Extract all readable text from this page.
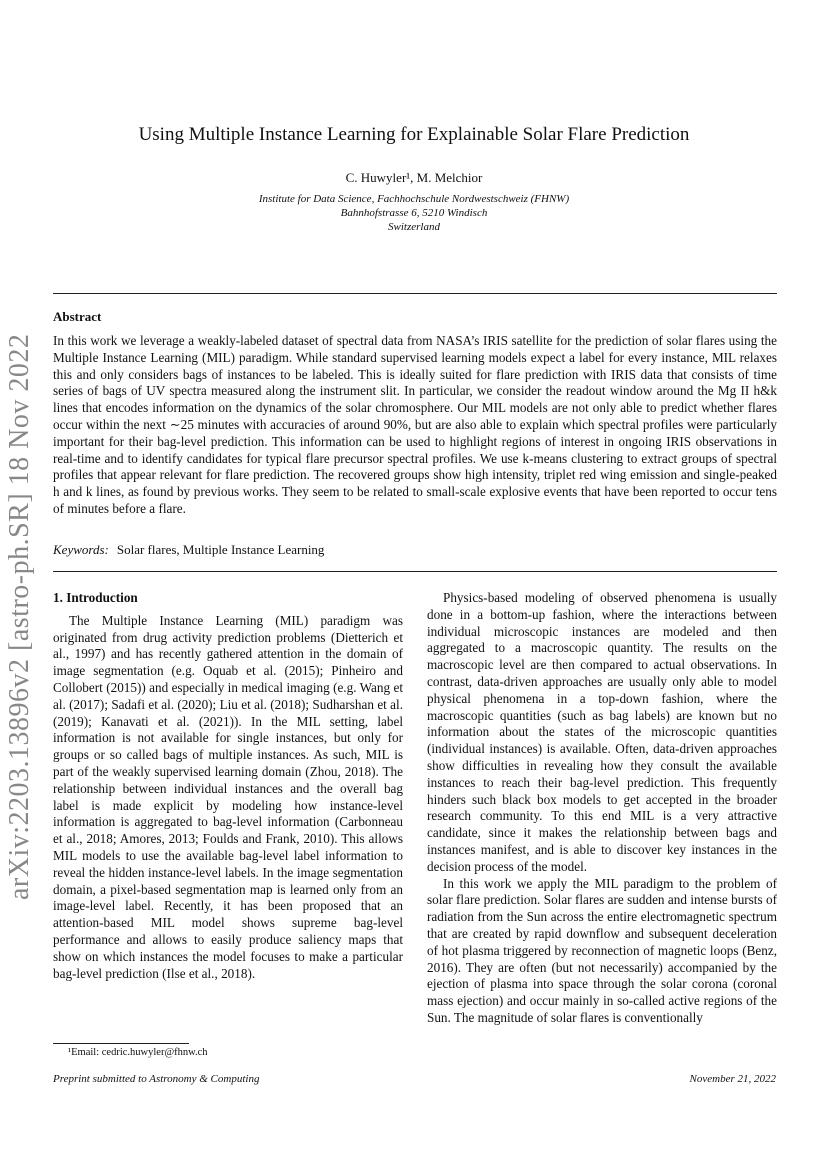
arXiv:2203.13896v2 [astro-ph.SR] 18 Nov 2022
Using Multiple Instance Learning for Explainable Solar Flare Prediction
C. Huwyler¹, M. Melchior
Institute for Data Science, Fachhochschule Nordwestschweiz (FHNW)
Bahnhofstrasse 6, 5210 Windisch
Switzerland
Abstract
In this work we leverage a weakly-labeled dataset of spectral data from NASA’s IRIS satellite for the prediction of solar flares using the Multiple Instance Learning (MIL) paradigm. While standard supervised learning models expect a label for every instance, MIL relaxes this and only considers bags of instances to be labeled. This is ideally suited for flare prediction with IRIS data that consists of time series of bags of UV spectra measured along the instrument slit. In particular, we consider the readout window around the Mg II h&k lines that encodes information on the dynamics of the solar chromosphere. Our MIL models are not only able to predict whether flares occur within the next ∼25 minutes with accuracies of around 90%, but are also able to explain which spectral profiles were particularly important for their bag-level prediction. This information can be used to highlight regions of interest in ongoing IRIS observations in real-time and to identify candidates for typical flare precursor spectral profiles. We use k-means clustering to extract groups of spectral profiles that appear relevant for flare prediction. The recovered groups show high intensity, triplet red wing emission and single-peaked h and k lines, as found by previous works. They seem to be related to small-scale explosive events that have been reported to occur tens of minutes before a flare.
Keywords: Solar flares, Multiple Instance Learning
1. Introduction

The Multiple Instance Learning (MIL) paradigm was originated from drug activity prediction problems (Dietterich et al., 1997) and has recently gathered attention in the domain of image segmentation (e.g. Oquab et al. (2015); Pinheiro and Collobert (2015)) and especially in medical imaging (e.g. Wang et al. (2017); Sadafi et al. (2020); Liu et al. (2018); Sudharshan et al. (2019); Kanavati et al. (2021)). In the MIL setting, label information is not available for single instances, but only for groups or so called bags of multiple instances. As such, MIL is part of the weakly supervised learning domain (Zhou, 2018). The relationship between individual instances and the overall bag label is made explicit by modeling how instance-level information is aggregated to bag-level information (Carbonneau et al., 2018; Amores, 2013; Foulds and Frank, 2010). This allows MIL models to use the available bag-level label information to reveal the hidden instance-level labels. In the image segmentation domain, a pixel-based segmentation map is learned only from an image-level label. Recently, it has been proposed that an attention-based MIL model shows supreme bag-level performance and allows to easily produce saliency maps that show on which instances the model focuses to make a particular bag-level prediction (Ilse et al., 2018).

Physics-based modeling of observed phenomena is usually done in a bottom-up fashion, where the interactions between individual microscopic instances are modeled and then aggregated to a macroscopic quantity. The results on the macroscopic level are then compared to actual observations. In contrast, data-driven approaches are usually only able to model physical phenomena in a top-down fashion, where the macroscopic quantities (such as bag labels) are known but no information about the states of the microscopic quantities (individual instances) is available. Often, data-driven approaches show difficulties in revealing how they consult the available instances to reach their bag-level prediction. This frequently hinders such black box models to get accepted in the broader research community. To this end MIL is a very attractive candidate, since it makes the relationship between bags and instances manifest, and is able to discover key instances in the decision process of the model.

In this work we apply the MIL paradigm to the problem of solar flare prediction. Solar flares are sudden and intense bursts of radiation from the Sun across the entire electromagnetic spectrum that are created by rapid downflow and subsequent deceleration of hot plasma triggered by reconnection of magnetic loops (Benz, 2016). They are often (but not necessarily) accompanied by the ejection of plasma into space through the solar corona (coronal mass ejection) and occur mainly in so-called active regions of the Sun. The magnitude of solar flares is conventionally

¹Email: cedric.huwyler@fhnw.ch
Preprint submitted to Astronomy & Computing	November 21, 2022
